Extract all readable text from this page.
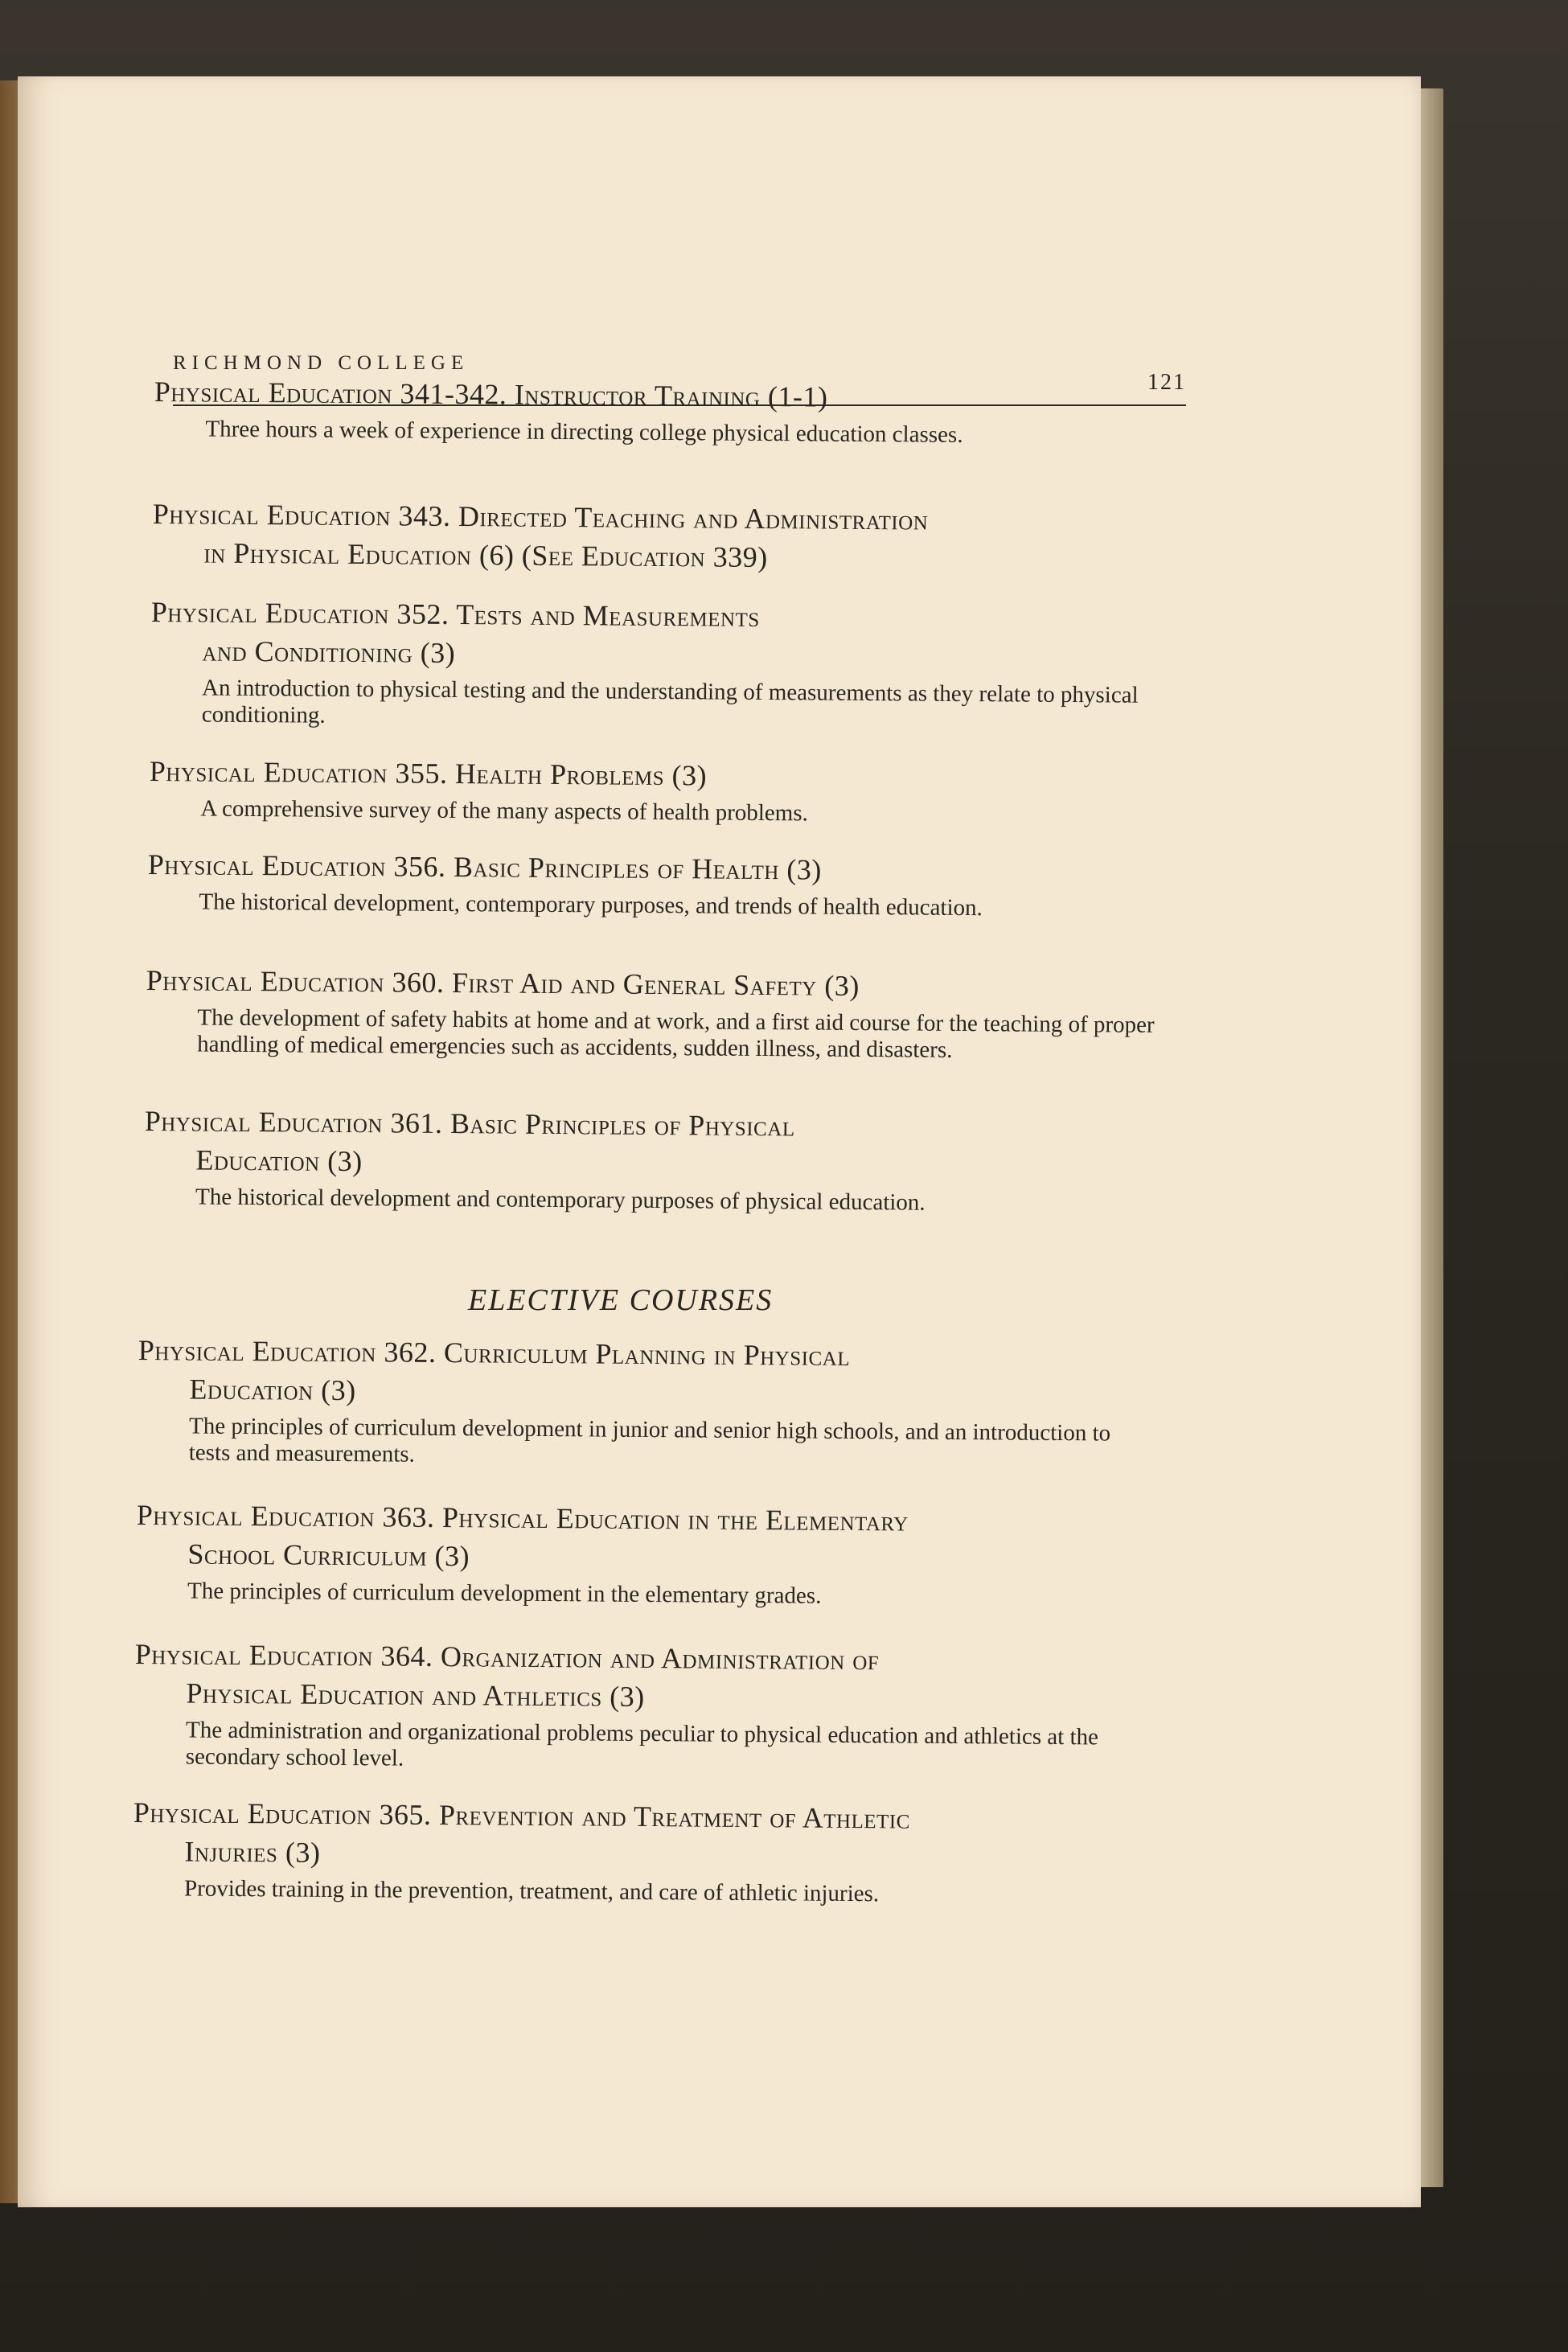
RICHMOND COLLEGE
121
Physical Education 341-342. Instructor Training (1-1)
Three hours a week of experience in directing college physical education classes.
Physical Education 343. Directed Teaching and Administration
in Physical Education (6) (See Education 339)
Physical Education 352. Tests and Measurements
and Conditioning (3)
An introduction to physical testing and the understanding of measurements as they relate to physical conditioning.
Physical Education 355. Health Problems (3)
A comprehensive survey of the many aspects of health problems.
Physical Education 356. Basic Principles of Health (3)
The historical development, contemporary purposes, and trends of health education.
Physical Education 360. First Aid and General Safety (3)
The development of safety habits at home and at work, and a first aid course for the teaching of proper handling of medical emergencies such as accidents, sudden illness, and disasters.
Physical Education 361. Basic Principles of Physical
Education (3)
The historical development and contemporary purposes of physical education.
ELECTIVE COURSES
Physical Education 362. Curriculum Planning in Physical
Education (3)
The principles of curriculum development in junior and senior high schools, and an introduction to tests and measurements.
Physical Education 363. Physical Education in the Elementary
School Curriculum (3)
The principles of curriculum development in the elementary grades.
Physical Education 364. Organization and Administration of
Physical Education and Athletics (3)
The administration and organizational problems peculiar to physical education and athletics at the secondary school level.
Physical Education 365. Prevention and Treatment of Athletic
Injuries (3)
Provides training in the prevention, treatment, and care of athletic injuries.
